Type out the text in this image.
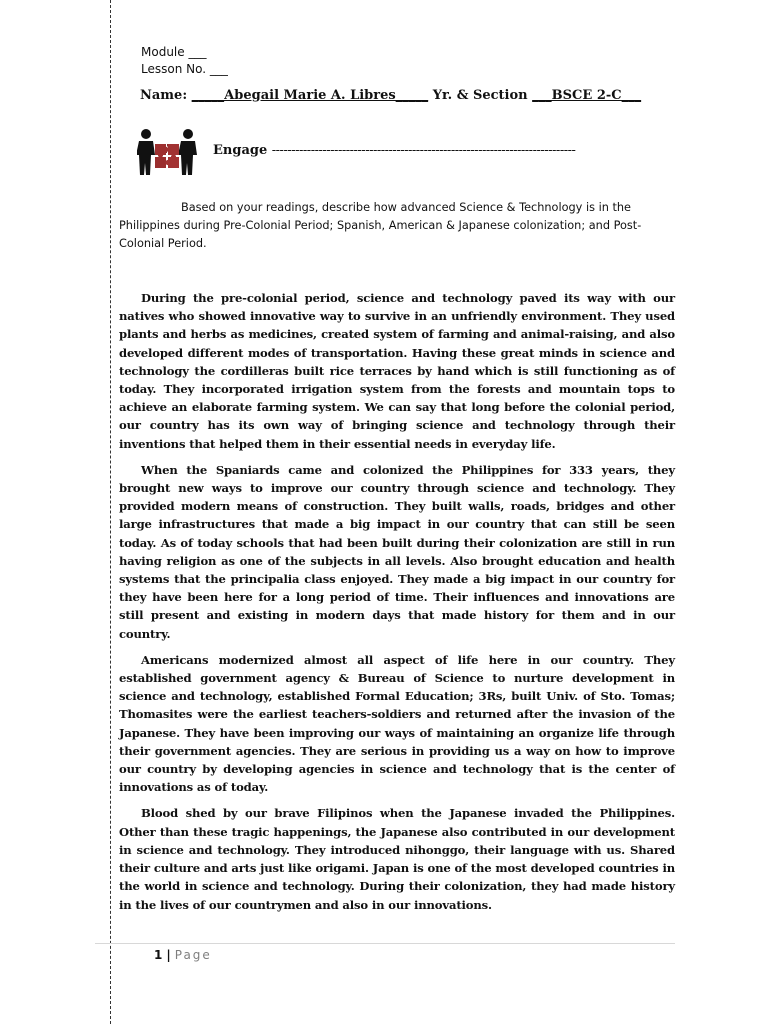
Module ___
Lesson No. ___
Name: _____Abegail Marie A. Libres_____ Yr. & Section ___BSCE 2-C___
Engage ------------------------------------------------------------------------------
Based on your readings, describe how advanced Science & Technology is in the Philippines during Pre-Colonial Period; Spanish, American & Japanese colonization; and Post-Colonial Period.

During the pre-colonial period, science and technology paved its way with our natives who showed innovative way to survive in an unfriendly environment. They used plants and herbs as medicines, created system of farming and animal-raising, and also developed different modes of transportation. Having these great minds in science and technology the cordilleras built rice terraces by hand which is still functioning as of today. They incorporated irrigation system from the forests and mountain tops to achieve an elaborate farming system. We can say that long before the colonial period, our country has its own way of bringing science and technology through their inventions that helped them in their essential needs in everyday life.

When the Spaniards came and colonized the Philippines for 333 years, they brought new ways to improve our country through science and technology. They provided modern means of construction. They built walls, roads, bridges and other large infrastructures that made a big impact in our country that can still be seen today. As of today schools that had been built during their colonization are still in run having religion as one of the subjects in all levels. Also brought education and health systems that the principalia class enjoyed. They made a big impact in our country for they have been here for a long period of time. Their influences and innovations are still present and existing in modern days that made history for them and in our country.

Americans modernized almost all aspect of life here in our country. They established government agency & Bureau of Science to nurture development in science and technology, established Formal Education; 3Rs, built Univ. of Sto. Tomas; Thomasites were the earliest teachers-soldiers and returned after the invasion of the Japanese. They have been improving our ways of maintaining an organize life through their government agencies. They are serious in providing us a way on how to improve our country by developing agencies in science and technology that is the center of innovations as of today.

Blood shed by our brave Filipinos when the Japanese invaded the Philippines. Other than these tragic happenings, the Japanese also contributed in our development in science and technology. They introduced nihonggo, their language with us. Shared their culture and arts just like origami. Japan is one of the most developed countries in the world in science and technology. During their colonization, they had made history in the lives of our countrymen and also in our innovations.

1 | Page
